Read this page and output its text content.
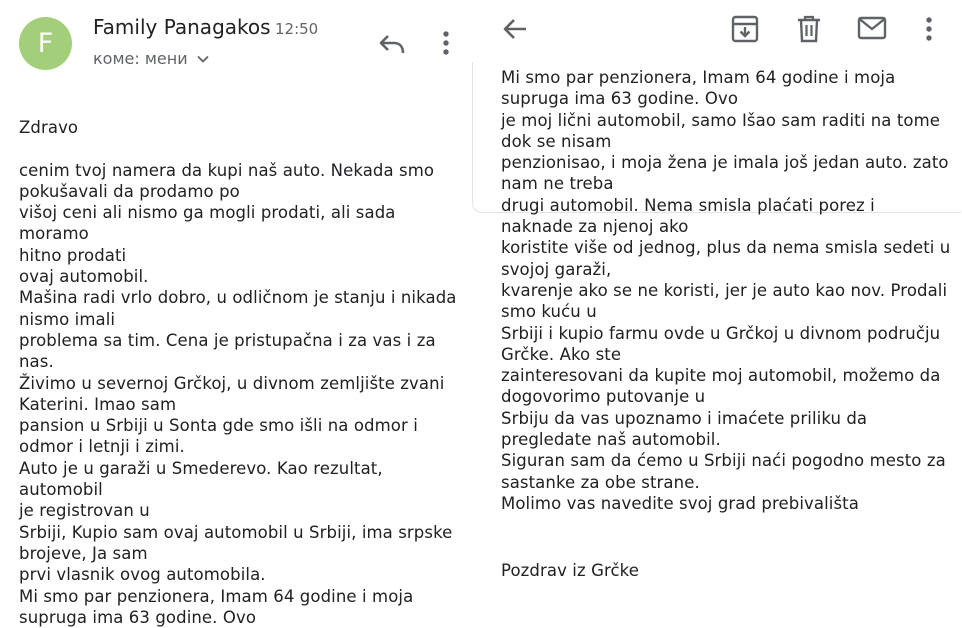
F
Family Panagakos 12:50
коме: мени
Zdravo

cenim tvoj namera da kupi naš auto. Nekada smo
pokušavali da prodamo po
višoj ceni ali nismo ga mogli prodati, ali sada moramo
hitno prodati
ovaj automobil.
Mašina radi vrlo dobro, u odličnom je stanju i nikada
nismo imali
problema sa tim. Cena je pristupačna i za vas i za
nas.
Živimo u severnoj Grčkoj, u divnom zemljište zvani
Katerini. Imao sam
pansion u Srbiji u Sonta gde smo išli na odmor i
odmor i letnji i zimi.
Auto je u garaži u Smederevo. Kao rezultat, automobil
je registrovan u
Srbiji, Kupio sam ovaj automobil u Srbiji, ima srpske
brojeve, Ja sam
prvi vlasnik ovog automobila.
Mi smo par penzionera, Imam 64 godine i moja
supruga ima 63 godine. Ovo
Mi smo par penzionera, Imam 64 godine i moja
supruga ima 63 godine. Ovo
je moj lični automobil, samo Išao sam raditi na tome
dok se nisam
penzionisao, i moja žena je imala još jedan auto. zato
nam ne treba
drugi automobil. Nema smisla plaćati porez i
naknade za njenoj ako
koristite više od jednog, plus da nema smisla sedeti u
svojoj garaži,
kvarenje ako se ne koristi, jer je auto kao nov. Prodali
smo kuću u
Srbiji i kupio farmu ovde u Grčkoj u divnom području
Grčke. Ako ste
zainteresovani da kupite moj automobil, možemo da
dogovorimo putovanje u
Srbiju da vas upoznamo i imaćete priliku da
pregledate naš automobil.
Siguran sam da ćemo u Srbiji naći pogodno mesto za
sastanke za obe strane.
Molimo vas navedite svoj grad prebivališta
Pozdrav iz Grčke
